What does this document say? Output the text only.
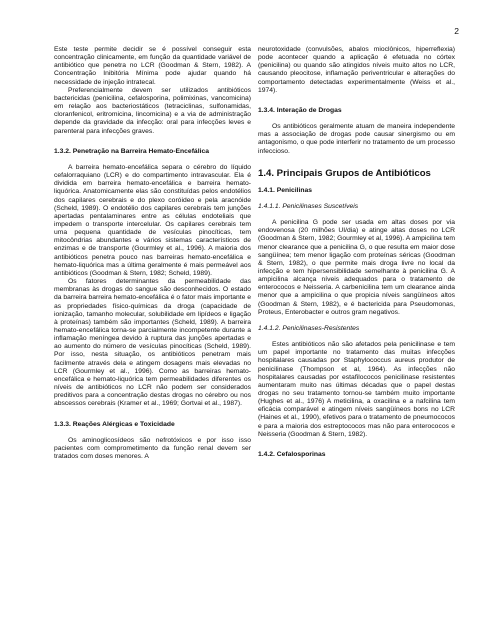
2

Este teste permite decidir se é possível conseguir esta concentração clinicamente, em função da quantidade variável de antibiótico que penetra no LCR (Goodman & Stern, 1982). A Concentração Inibitória Mínima pode ajudar quando há necessidade de injeção intratecal.

Preferencialmente devem ser utilizados antibióticos bactericidas (penicilina, cefalosporina, polimixinas, vancomicina) em relação aos bacteriostáticos (tetraciclinas, sulfonamidas, cloranfenicol, eritromicina, lincomicina) e a via de administração depende da gravidade da infecção: oral para infecções leves e parenteral para infecções graves.

1.3.2. Penetração na Barreira Hemato-Encefálica

A barreira hemato-encefálica separa o cérebro do líquido cefalorraquiano (LCR) e do compartimento intravascular. Ela é dividida em barreira hemato-encefálica e barreira hemato-liquórica. Anatomicamente elas são constituídas pelos endotélios dos capilares cerebrais e do plexo coróideo e pela aracnóide (Scheld, 1989). O endotélio dos capilares cerebrais tem junções apertadas pentalaminares entre as células endoteliais que impedem o transporte intercelular. Os capilares cerebrais tem uma pequena quantidade de vesículas pinocíticas, tem mitocôndrias abundantes e vários sistemas característicos de enzimas e de transporte (Gourmley et al., 1996). A maioria dos antibióticos penetra pouco nas barreiras hemato-encefálica e hemato-liquórica mas a última geralmente é mais permeável aos antibióticos (Goodman & Stern, 1982; Scheld, 1989).

Os fatores determinantes da permeabilidade das membranas às drogas do sangue são desconhecidos. O estado da barreira barreira hemato-encefálica é o fator mais importante e as propriedades físico-químicas da droga (capacidade de ionização, tamanho molecular, solubilidade em lipídeos e ligação à proteínas) também são importantes (Scheld, 1989). A barreira hemato-encefálica torna-se parcialmente incompetente durante a inflamação meníngea devido à ruptura das junções apertadas e ao aumento do número de vesículas pinocíticas (Scheld, 1989). Por isso, nesta situação, os antibióticos penetram mais facilmente através dela e atingem dosagens mais elevadas no LCR (Gourmley et al., 1996). Como as barreiras hemato-encefálica e hemato-liquórica tem permeabilidades diferentes os níveis de antibióticos no LCR não podem ser considerados preditivos para a concentração destas drogas no cérebro ou nos abscessos cerebrais (Kramer et al., 1969; Gortvai et al., 1987).

1.3.3. Reações Alérgicas e Toxicidade

Os aminoglicosídeos são nefrotóxicos e por isso isso pacientes com comprometimento da função renal devem ser tratados com doses menores. A

neurotoxidade (convulsões, abalos mioclônicos, hiperreflexia) pode acontecer quando a aplicação é efetuada no córtex (penicilina) ou quando são atingidos níveis muito altos no LCR, causando pleocitose, inflamação periventricular e alterações do comportamento detectadas experimentalmente (Weiss et al., 1974).

1.3.4. Interação de Drogas

Os antibióticos geralmente atuam de maneira independente mas a associação de drogas pode causar sinergismo ou em antagonismo, o que pode interferir no tratamento de um processo infeccioso.

1.4. Principais Grupos de Antibióticos

1.4.1. Penicilinas

1.4.1.1. Penicilinases Suscetíveis

A penicilina G pode ser usada em altas doses por via endovenosa (20 milhões UI/dia) e atinge altas doses no LCR (Goodman & Stern, 1982; Gourmley et al, 1996). A ampicilina tem menor clearance que a penicilina G, o que resulta em maior dose sangüínea; tem menor ligação com proteínas séricas (Goodman & Stern, 1982), o que permite mais droga livre no local da infecção e tem hipersensibilidade semelhante à penicilina G. A ampicilina alcança níveis adequados para o tratamento de enterococos e Neisseria. A carbenicilina tem um clearance ainda menor que a ampicilina o que propicia níveis sangüíneos altos (Goodman & Stern, 1982), e é bactericida para Pseudomonas, Proteus, Enterobacter e outros gram negativos.

1.4.1.2. Penicilinases-Resistentes

Estes antibióticos não são afetados pela penicilinase e tem um papel importante no tratamento das muitas infecções hospitalares causadas por Staphylococcus aureus produtor de penicilinase (Thompson et al, 1964). As infecções não hospitalares causadas por estafilococos penicilinase resistentes aumentaram muito nas últimas décadas que o papel destas drogas no seu tratamento tornou-se também muito importante (Hughes et al., 1976) A meticilina, a oxacilina e a nafcilina tem eficácia comparável e atingem níveis sangüíneos bons no LCR (Haines et al., 1990), efetivos para o tratamento de pneumococos e para a maioria dos estreptococos mas não para enterococos e Neisseria (Goodman & Stern, 1982).

1.4.2. Cefalosporinas
